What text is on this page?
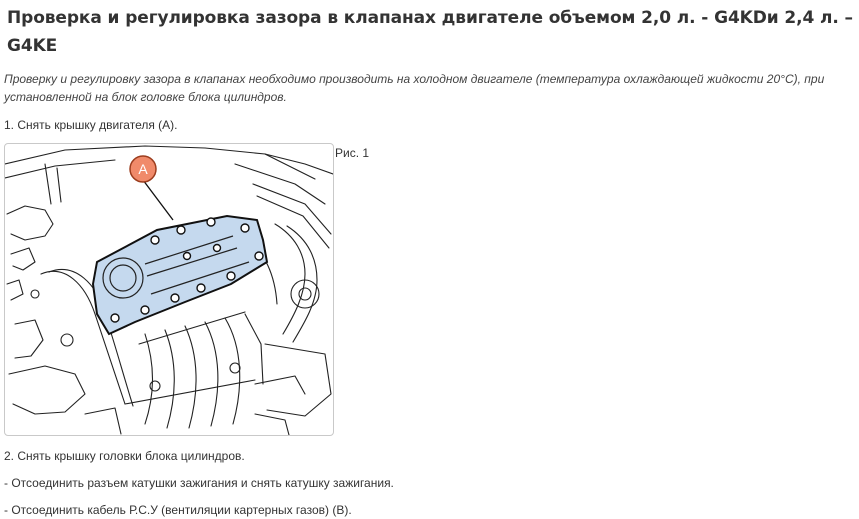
Проверка и регулировка зазора в клапанах двигателе объемом 2,0 л. - G4KDи 2,4 л. – G4KE

Проверку и регулировку зазора в клапанах необходимо производить на холодном двигателе (температура охлаждающей жидкости 20°С), при установленной на блок головке блока цилиндров.

1. Снять крышку двигателя (А).

A

Рис. 1

2. Снять крышку головки блока цилиндров.

- Отсоединить разъем катушки зажигания и снять катушку зажигания.

- Отсоединить кабель Р.С.У (вентиляции картерных газов) (В).
